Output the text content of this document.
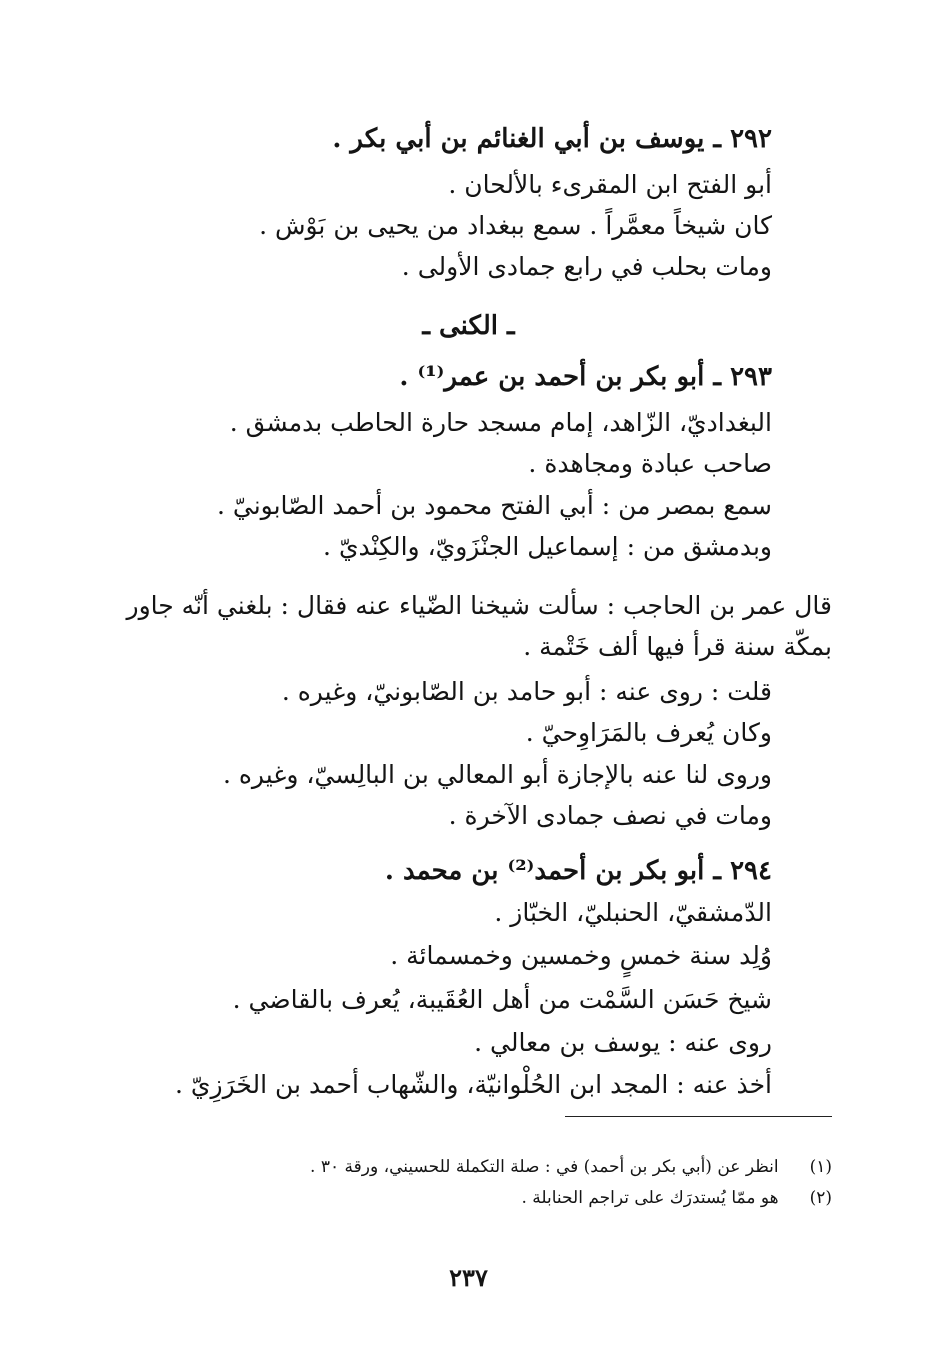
٢٩٢ ـ يوسف بن أبي الغنائم بن أبي بكر .
أبو الفتح ابن المقرىء بالألحان .
كان شيخاً معمَّراً . سمع ببغداد من يحيى بن بَوْش .
ومات بحلب في رابع جمادى الأولى .
ـ الكنى ـ
٢٩٣ ـ أبو بكر بن أحمد بن عمر⁽¹⁾ .
البغداديّ، الزّاهد، إمام مسجد حارة الحاطب بدمشق .
صاحب عبادة ومجاهدة .
سمع بمصر من : أبي الفتح محمود بن أحمد الصّابونيّ .
وبدمشق من : إسماعيل الجنْزَويّ، والكِنْديّ .
قال عمر بن الحاجب : سألت شيخنا الضّياء عنه فقال : بلغني أنّه جاور
بمكّة سنة قرأ فيها ألف خَتْمة .
قلت : روى عنه : أبو حامد بن الصّابونيّ، وغيره .
وكان يُعرف بالمَرَاوِحيّ .
وروى لنا عنه بالإجازة أبو المعالي بن البالِسيّ، وغيره .
ومات في نصف جمادى الآخرة .
٢٩٤ ـ أبو بكر بن أحمد⁽²⁾ بن محمد .
الدّمشقيّ، الحنبليّ، الخبّاز .
وُلِد سنة خمسٍ وخمسين وخمسمائة .
شيخ حَسَن السَّمْت من أهل العُقَيبة، يُعرف بالقاضي .
روى عنه : يوسف بن معالي .
أخذ عنه : المجد ابن الحُلْوانيّة، والشّهاب أحمد بن الخَرَزِيّ .
(١) انظر عن (أبي بكر بن أحمد) في : صلة التكملة للحسيني، ورقة ٣٠ .
(٢) هو ممّا يُستدرَك على تراجم الحنابلة .
٢٣٧
